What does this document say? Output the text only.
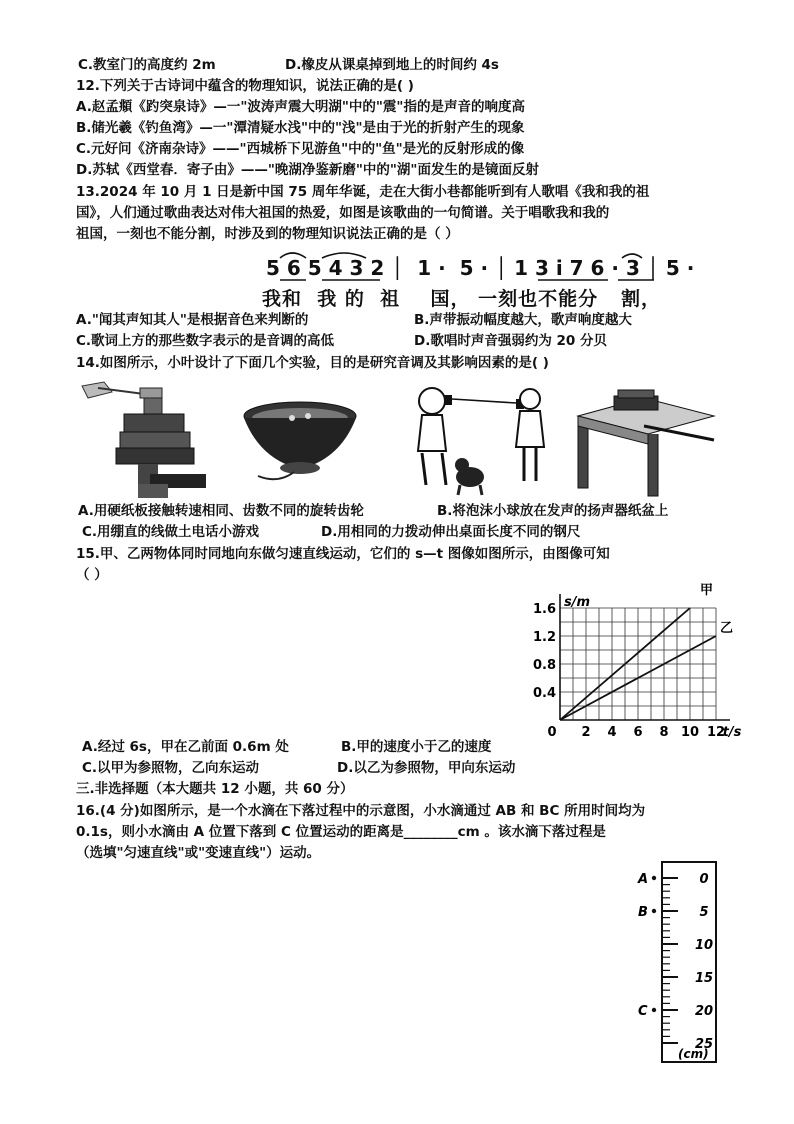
C.教室门的高度约 2m	D.橡皮从课桌掉到地上的时间约 4s
12.下列关于古诗词中蕴含的物理知识，说法正确的是( )
A.赵孟頫《趵突泉诗》—一"波涛声震大明湖"中的"震"指的是声音的响度高
B.储光羲《钓鱼湾》—一"潭清疑水浅"中的"浅"是由于光的折射产生的现象
C.元好问《济南杂诗》——"西城桥下见游鱼"中的"鱼"是光的反射形成的像
D.苏轼《西堂春．寄子由》——"晚湖净鉴新磨"中的"湖"面发生的是镜面反射
13.2024 年 10 月 1 日是新中国 75 周年华诞，走在大街小巷都能听到有人歌唱《我和我的祖
国》，人们通过歌曲表达对伟大祖国的热爱，如图是该歌曲的一句简谱。关于唱歌我和我的
祖国，一刻也不能分割，时涉及到的物理知识说法正确的是（ ）
5 6 5 4 3 2 │  1 ·  5 · │ 1 3 i 7 6 · 3 │ 5 ·
我和  我 的  祖    国， 一刻也不能分   割，
A."闻其声知其人"是根据音色来判断的	B.声带振动幅度越大，歌声响度越大
C.歌词上方的那些数字表示的是音调的高低	D.歌唱时声音强弱约为 20 分贝
14.如图所示，小叶设计了下面几个实验，目的是研究音调及其影响因素的是( )
A.用硬纸板接触转速相同、齿数不同的旋转齿轮	B.将泡沫小球放在发声的扬声器纸盆上
C.用绷直的线做土电话小游戏	D.用相同的力拨动伸出桌面长度不同的钢尺
15.甲、乙两物体同时同地向东做匀速直线运动，它们的 s—t 图像如图所示，由图像可知
（ ）
2 4 6 8 10 12
0
0.4
0.8
1.2
1.6
t/s
s/m
甲
乙
A.经过 6s，甲在乙前面 0.6m 处	B.甲的速度小于乙的速度
C.以甲为参照物，乙向东运动	D.以乙为参照物，甲向东运动
三.非选择题（本大题共 12 小题，共 60 分）
16.(4 分)如图所示，是一个水滴在下落过程中的示意图，小水滴通过 AB 和 BC 所用时间均为
0.1s，则小水滴由 A 位置下落到 C 位置运动的距离是________cm 。该水滴下落过程是
（选填"匀速直线"或"变速直线"）运动。
0
5
10
15
20
25
A
B
C
(cm)
